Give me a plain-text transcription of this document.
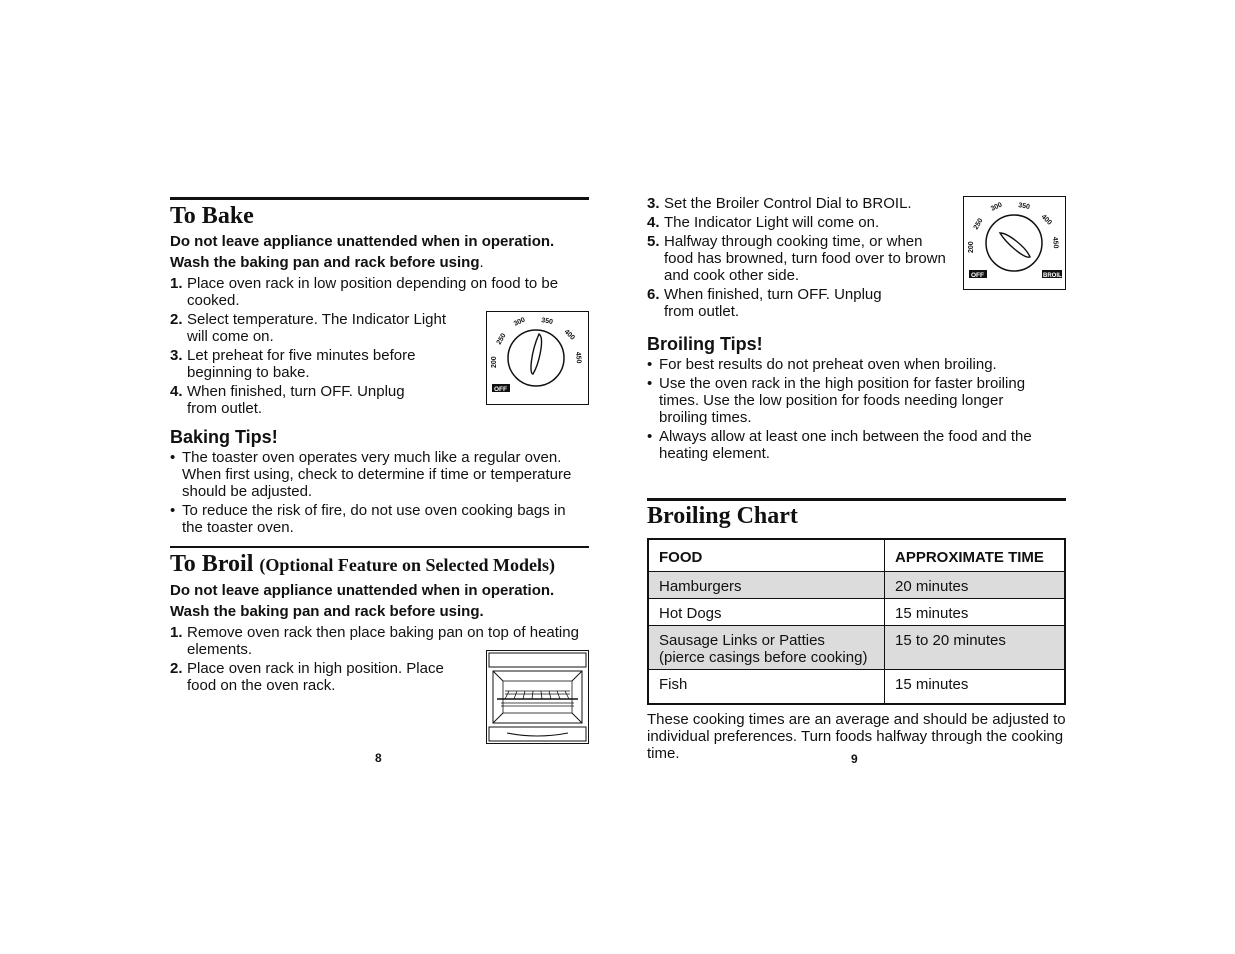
To Bake
Do not leave appliance unattended when in operation.
Wash the baking pan and rack before using.
1. Place oven rack in low position depending on food to be cooked.
2. Select temperature. The Indicator Light will come on.
3. Let preheat for five minutes before beginning to bake.
4. When finished, turn OFF. Unplug from outlet.
Baking Tips!
• The toaster oven operates very much like a regular oven. When first using, check to determine if time or temperature should be adjusted.
• To reduce the risk of fire, do not use oven cooking bags in the toaster oven.
To Broil (Optional Feature on Selected Models)
Do not leave appliance unattended when in operation.
Wash the baking pan and rack before using.
1. Remove oven rack then place baking pan on top of heating elements.
2. Place oven rack in high position. Place food on the oven rack.
200
250
300 350
400
450
OFF
8
3. Set the Broiler Control Dial to BROIL.
4. The Indicator Light will come on.
5. Halfway through cooking time, or when food has browned, turn food over to brown and cook other side.
6. When finished, turn OFF. Unplug from outlet.
Broiling Tips!
• For best results do not preheat oven when broiling.
• Use the oven rack in the high position for faster broiling times. Use the low position for foods needing longer broiling times.
• Always allow at least one inch between the food and the heating element.
Broiling Chart
FOOD	APPROXIMATE TIME
Hamburgers	20 minutes
Hot Dogs	15 minutes
Sausage Links or Patties
(pierce casings before cooking)	15 to 20 minutes
Fish	15 minutes
These cooking times are an average and should be adjusted to individual preferences. Turn foods halfway through the cooking time.
200
250
300 350
400
450
OFF	BROIL
9
